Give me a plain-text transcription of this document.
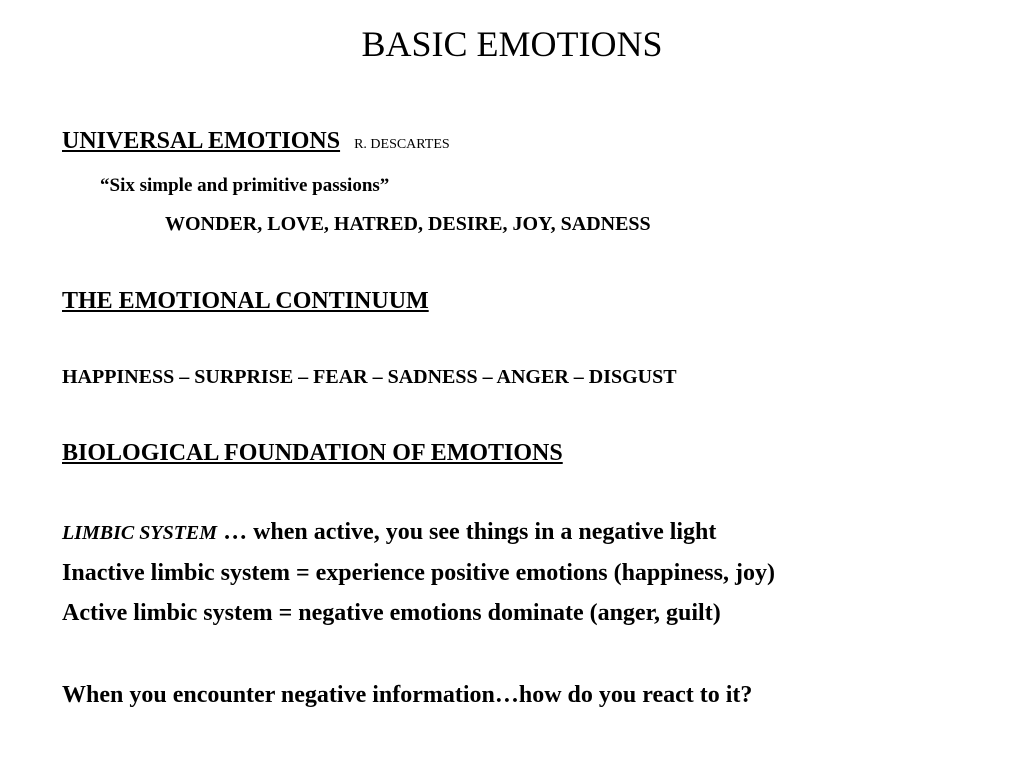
BASIC EMOTIONS
UNIVERSAL EMOTIONS R. DESCARTES
“Six simple and primitive passions”
WONDER, LOVE, HATRED, DESIRE, JOY, SADNESS
THE EMOTIONAL CONTINUUM
HAPPINESS – SURPRISE – FEAR – SADNESS – ANGER – DISGUST
BIOLOGICAL FOUNDATION OF EMOTIONS
LIMBIC SYSTEM … when active, you see things in a negative light
Inactive limbic system = experience positive emotions (happiness, joy)
Active limbic system = negative emotions dominate (anger, guilt)
When you encounter negative information…how do you react to it?
